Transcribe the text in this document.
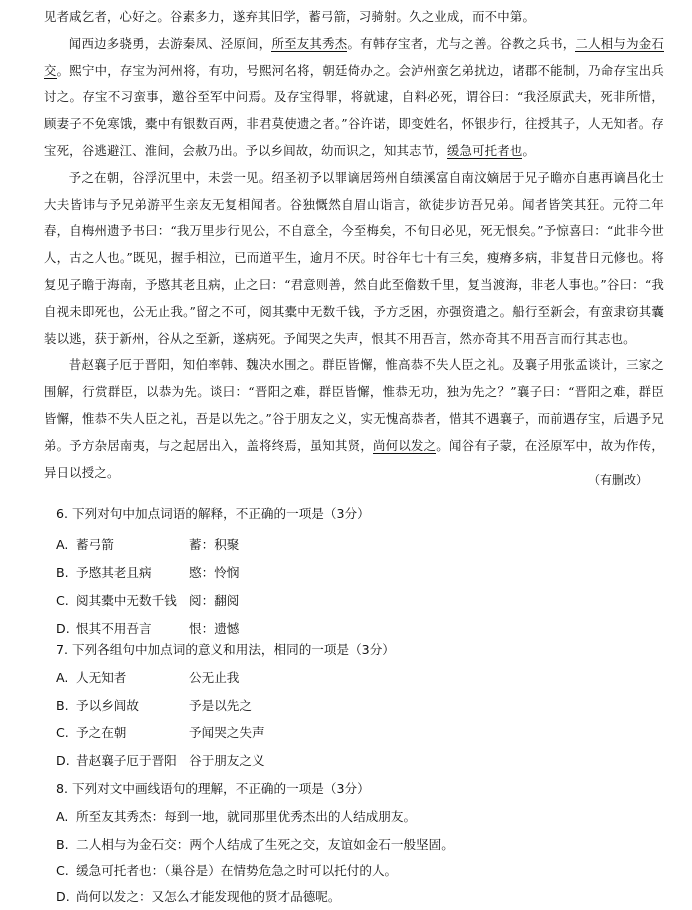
见者咸乞者，心好之。谷素多力，遂弃其旧学，蓄弓箭，习骑射。久之业成，而不中第。

闻西边多骁勇，去游秦凤、泾原间，所至友其秀杰。有韩存宝者，尤与之善。谷教之兵书，二人相与为金石交。熙宁中，存宝为河州将，有功，号熙河名将，朝廷倚办之。会泸州蛮乞弟扰边，诸郡不能制，乃命存宝出兵讨之。存宝不习蛮事，邀谷至军中问焉。及存宝得罪，将就逮，自料必死，谓谷曰：“我泾原武夫，死非所惜，顾妻子不免寒饿，橐中有银数百两，非君莫使遗之者。”谷许诺，即变姓名，怀银步行，往授其子，人无知者。存宝死，谷逃避江、淮间，会赦乃出。予以乡闾故，幼而识之，知其志节，缓急可托者也。

予之在朝，谷浮沉里中，未尝一见。绍圣初予以罪谪居筠州自绩溪富自南汶嫡居于兄子瞻亦自惠再谪昌化士大夫皆讳与予兄弟游平生亲友无复相闻者。谷独慨然自眉山诣言，欲徒步访吾兄弟。闻者皆笑其狂。元符二年春，自梅州遗予书曰：“我万里步行见公，不自意全，今至梅矣，不旬日必见，死无恨矣。”予惊喜曰：“此非今世人，古之人也。”既见，握手相泣，已而道平生，逾月不厌。时谷年七十有三矣，瘦瘠多病，非复昔日元修也。将复见子瞻于海南，予愍其老且病，止之曰：“君意则善，然自此至儋数千里，复当渡海，非老人事也。”谷曰：“我自视未即死也，公无止我。”留之不可，阅其橐中无数千钱，予方乏困，亦强资遣之。船行至新会，有蛮隶窃其囊装以逃，获于新州，谷从之至新，遂病死。予闻哭之失声，恨其不用吾言，然亦奇其不用吾言而行其志也。

昔赵襄子厄于晋阳，知伯率韩、魏决水围之。群臣皆懈，惟高恭不失人臣之礼。及襄子用张孟谈计，三家之围解，行赏群臣，以恭为先。谈曰：“晋阳之难，群臣皆懈，惟恭无功，独为先之？”襄子曰：“晋阳之难，群臣皆懈，惟恭不失人臣之礼，吾是以先之。”谷于朋友之义，实无愧高恭者，惜其不遇襄子，而前遇存宝，后遇予兄弟。予方杂居南夷，与之起居出入，盖将终焉，虽知其贤，尚何以发之。闻谷有子蒙，在泾原军中，故为作传，异日以授之。

（有删改）
6. 下列对句中加点词语的解释，不正确的一项是（3分）
A. 蓄弓箭	蓄：积聚
B. 予愍其老且病	愍：怜悯
C. 阅其橐中无数千钱 阅：翻阅
D. 恨其不用吾言	恨：遗憾
7. 下列各组句中加点词的意义和用法，相同的一项是（3分）
A. 人无知者	公无止我
B. 予以乡闾故	予是以先之
C. 予之在朝	予闻哭之失声
D. 昔赵襄子厄于晋阳 谷于朋友之义
8. 下列对文中画线语句的理解，不正确的一项是（3分）
A. 所至友其秀杰：每到一地，就同那里优秀杰出的人结成朋友。
B. 二人相与为金石交：两个人结成了生死之交，友谊如金石一般坚固。
C. 缓急可托者也：（巢谷是）在情势危急之时可以托付的人。
D. 尚何以发之：又怎么才能发现他的贤才品德呢。
